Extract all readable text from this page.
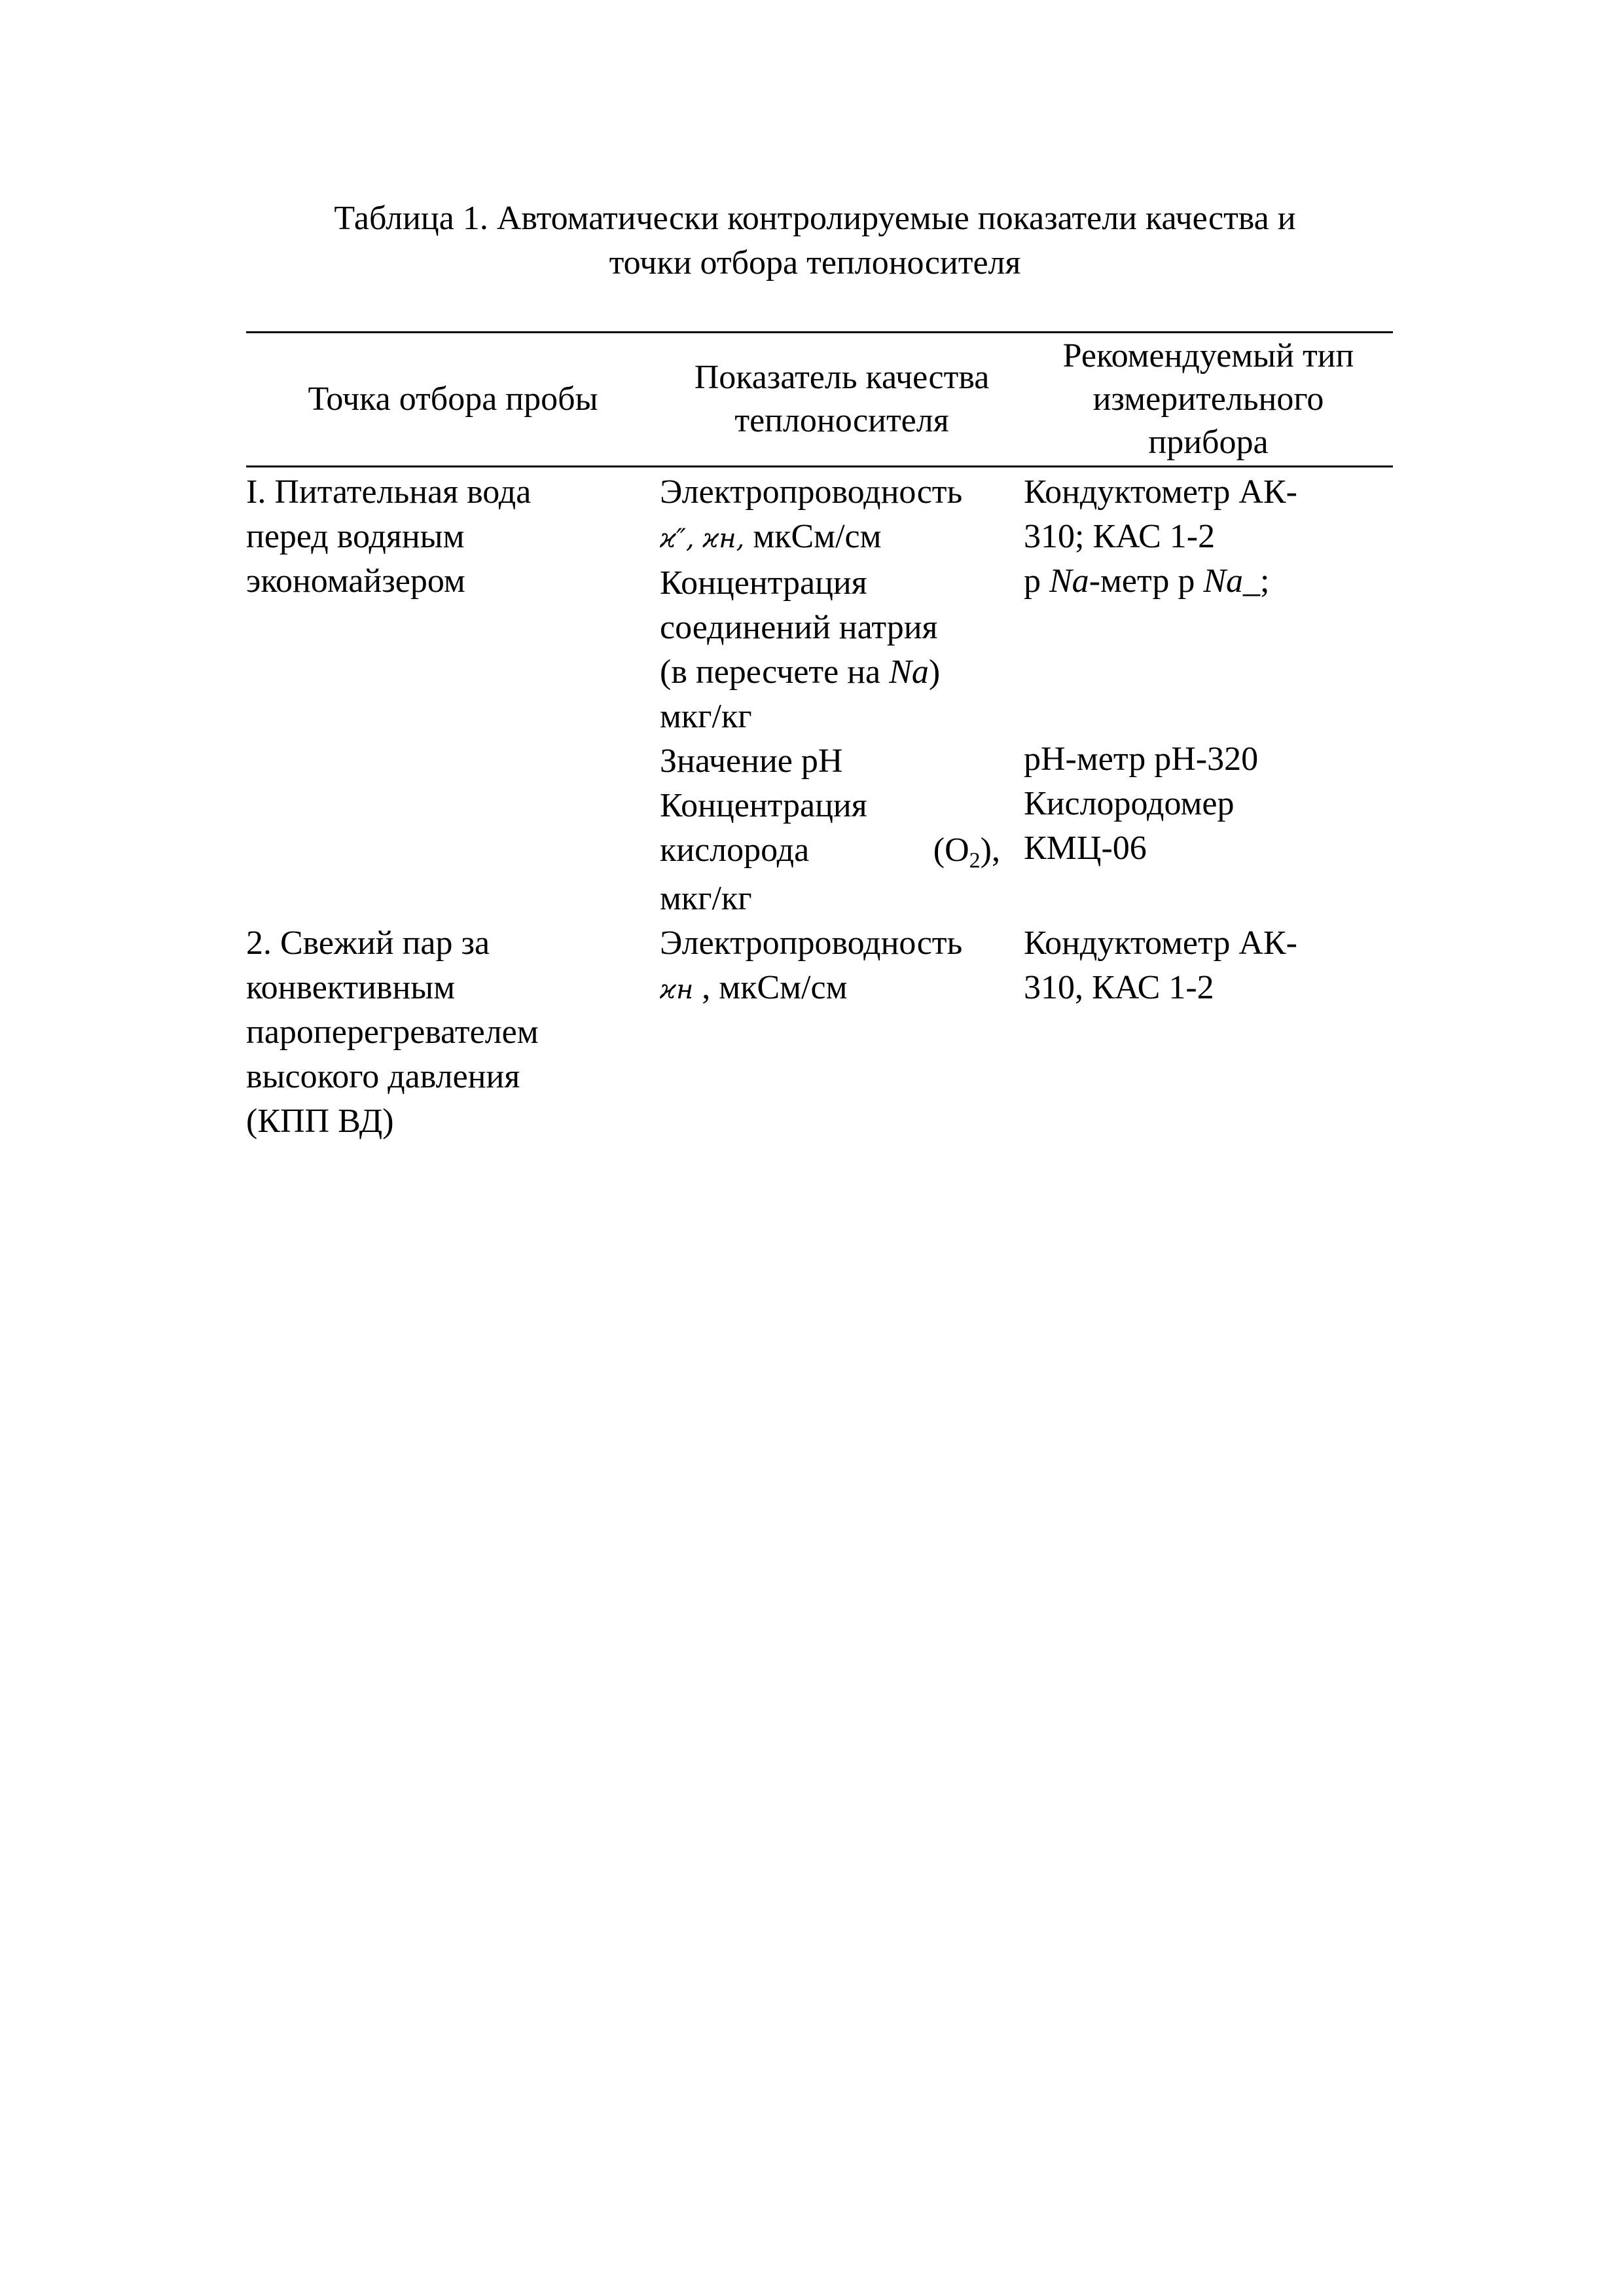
Таблица 1. Автоматически контролируемые показатели качества и
точки отбора теплоносителя
Точка отбора пробы
Показатель качества
теплоносителя
Рекомендуемый тип
измерительного
прибора
I. Питательная вода
перед водяным
экономайзером
Электропроводность
ϰ″, ϰн, мкСм/см
Концентрация
соединений натрия
(в пересчете на Na)
мкг/кг
Значение pH
Концентрация
кислорода	(O2),
мкг/кг
Кондуктометр АК-
310; КАС 1-2
p Na-метр p Na_;

pH-метр pH-320
Кислородомер
КМЦ-06
2. Свежий пар за
конвективным
пароперегревателем
высокого давления
(КПП ВД)
Электропроводность
ϰн , мкСм/см
Кондуктометр АК-
310, КАС 1-2
